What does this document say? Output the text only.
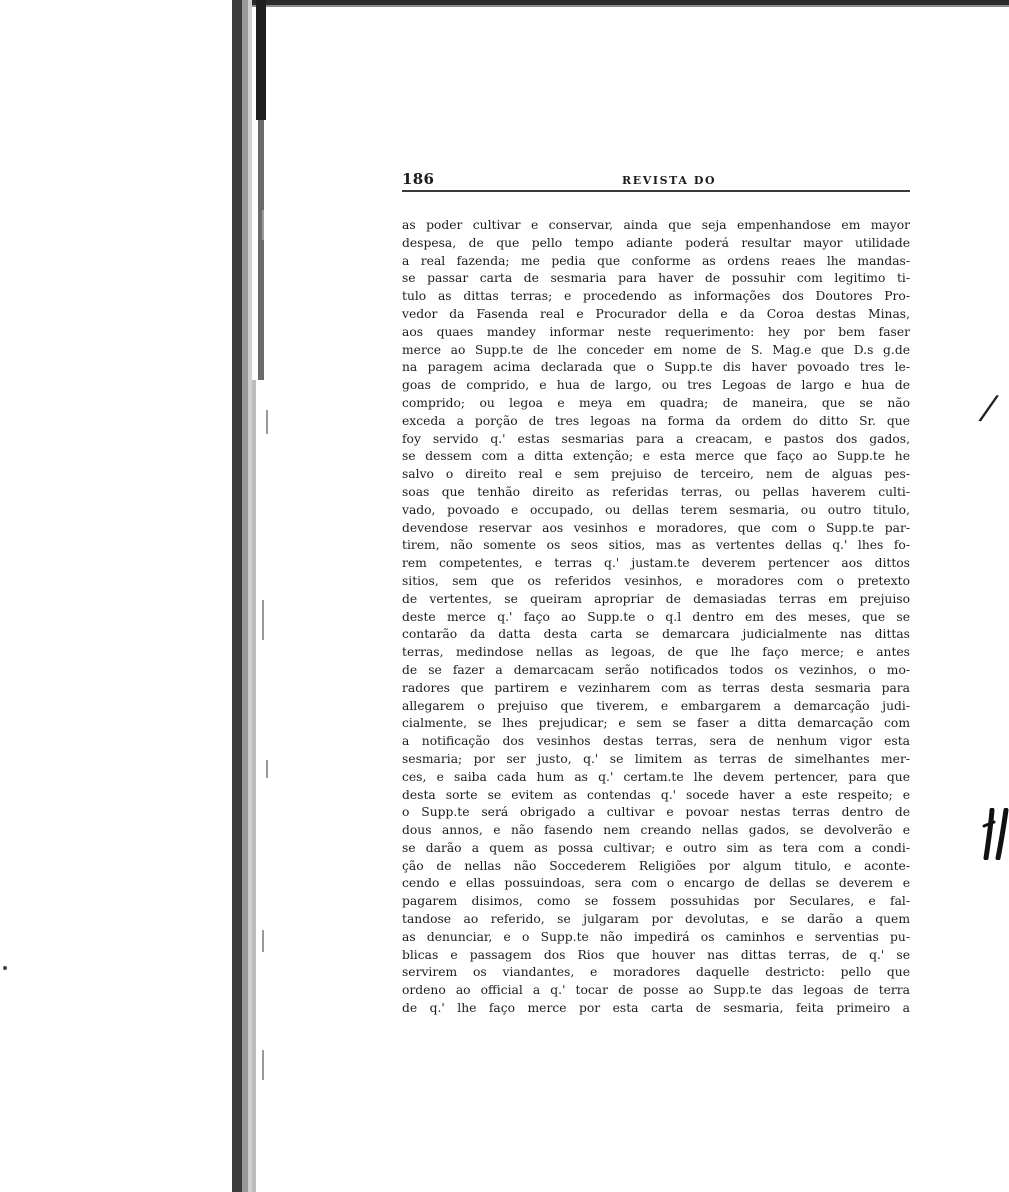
186	REVISTA DO
as poder cultivar e conservar, ainda que seja empenhandose em mayor
despesa, de que pello tempo adiante poderá resultar mayor utilidade
a real fazenda; me pedia que conforme as ordens reaes lhe mandas-
se passar carta de sesmaria para haver de possuhir com legitimo ti-
tulo as dittas terras; e procedendo as informações dos Doutores Pro-
vedor da Fasenda real e Procurador della e da Coroa destas Minas,
aos quaes mandey informar neste requerimento: hey por bem faser
merce ao Supp.te de lhe conceder em nome de S. Mag.e que D.s g.de
na paragem acima declarada que o Supp.te dis haver povoado tres le-
goas de comprido, e hua de largo, ou tres Legoas de largo e hua de
comprido; ou legoa e meya em quadra; de maneira, que se não
exceda a porção de tres legoas na forma da ordem do ditto Sr. que
foy servido q.' estas sesmarias para a creacam, e pastos dos gados,
se dessem com a ditta extenção; e esta merce que faço ao Supp.te he
salvo o direito real e sem prejuiso de terceiro, nem de alguas pes-
soas que tenhão direito as referidas terras, ou pellas haverem culti-
vado, povoado e occupado, ou dellas terem sesmaria, ou outro titulo,
devendose reservar aos vesinhos e moradores, que com o Supp.te par-
tirem, não somente os seos sitios, mas as vertentes dellas q.' lhes fo-
rem competentes, e terras q.' justam.te deverem pertencer aos dittos
sitios, sem que os referidos vesinhos, e moradores com o pretexto
de vertentes, se queiram apropriar de demasiadas terras em prejuiso
deste merce q.' faço ao Supp.te o q.l dentro em des meses, que se
contarão da datta desta carta se demarcara judicialmente nas dittas
terras, medindose nellas as legoas, de que lhe faço merce; e antes
de se fazer a demarcacam serão notificados todos os vezinhos, o mo-
radores que partirem e vezinharem com as terras desta sesmaria para
allegarem o prejuiso que tiverem, e embargarem a demarcação judi-
cialmente, se lhes prejudicar; e sem se faser a ditta demarcação com
a notificação dos vesinhos destas terras, sera de nenhum vigor esta
sesmaria; por ser justo, q.' se limitem as terras de simelhantes mer-
ces, e saiba cada hum as q.' certam.te lhe devem pertencer, para que
desta sorte se evitem as contendas q.' socede haver a este respeito; e
o Supp.te será obrigado a cultivar e povoar nestas terras dentro de
dous annos, e não fasendo nem creando nellas gados, se devolverão e
se darão a quem as possa cultivar; e outro sim as tera com a condi-
ção de nellas não Soccederem Religiões por algum titulo, e aconte-
cendo e ellas possuindoas, sera com o encargo de dellas se deverem e
pagarem disimos, como se fossem possuhidas por Seculares, e fal-
tandose ao referido, se julgaram por devolutas, e se darão a quem
as denunciar, e o Supp.te não impedirá os caminhos e serventias pu-
blicas e passagem dos Rios que houver nas dittas terras, de q.' se
servirem os viandantes, e moradores daquelle destricto: pello que
ordeno ao official a q.' tocar de posse ao Supp.te das legoas de terra
de q.' lhe faço merce por esta carta de sesmaria, feita primeiro a
/
